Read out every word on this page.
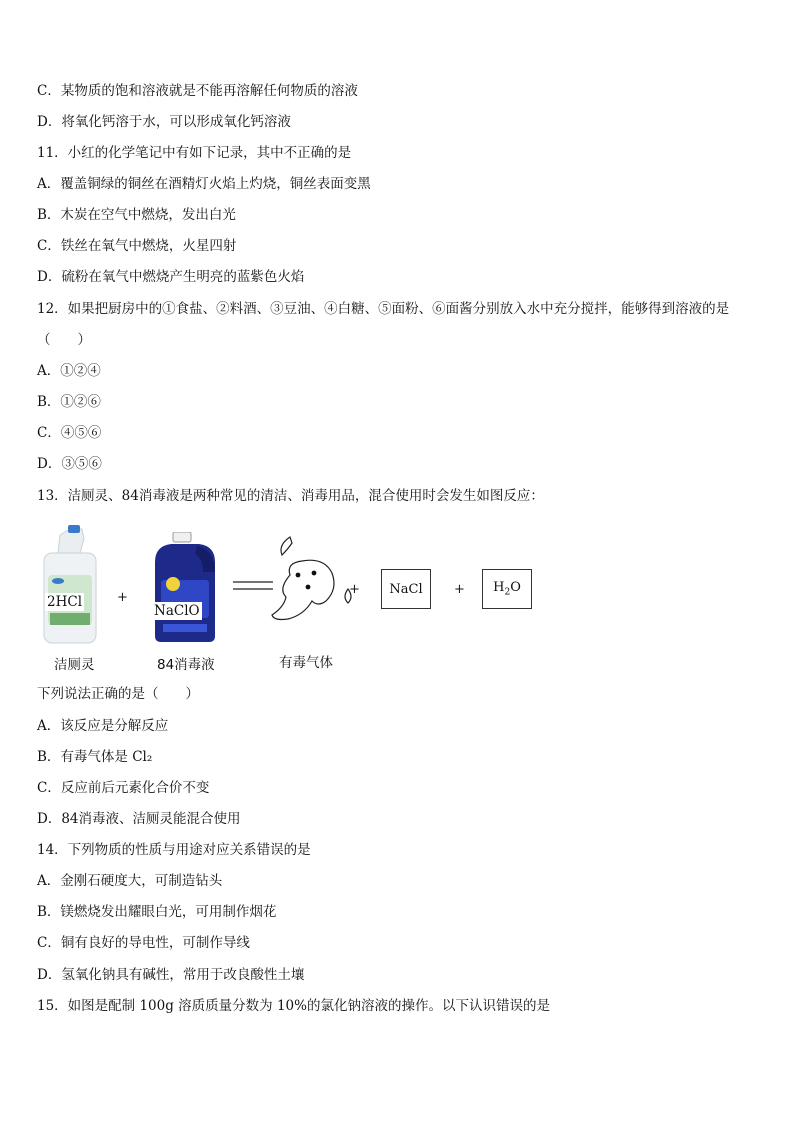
C．某物质的饱和溶液就是不能再溶解任何物质的溶液
D．将氧化钙溶于水，可以形成氧化钙溶液
11．小红的化学笔记中有如下记录，其中不正确的是
A．覆盖铜绿的铜丝在酒精灯火焰上灼烧，铜丝表面变黑
B．木炭在空气中燃烧，发出白光
C．铁丝在氧气中燃烧，火星四射
D．硫粉在氧气中燃烧产生明亮的蓝紫色火焰
12．如果把厨房中的①食盐、②料酒、③豆油、④白糖、⑤面粉、⑥面酱分别放入水中充分搅拌，能够得到溶液的是
（　　）
A．①②④
B．①②⑥
C．④⑤⑥
D．③⑤⑥
13．洁厕灵、84消毒液是两种常见的清洁、消毒用品，混合使用时会发生如图反应：
2HCl	+
NaClO
+ NaCl + $H_2O$
洁厕灵	84消毒液	有毒气体
下列说法正确的是（　　）
A．该反应是分解反应
B．有毒气体是 Cl₂
C．反应前后元素化合价不变
D．84消毒液、洁厕灵能混合使用
14．下列物质的性质与用途对应关系错误的是
A．金刚石硬度大，可制造钻头
B．镁燃烧发出耀眼白光，可用制作烟花
C．铜有良好的导电性，可制作导线
D．氢氧化钠具有碱性，常用于改良酸性土壤
15．如图是配制 100g 溶质质量分数为 10%的氯化钠溶液的操作。以下认识错误的是
